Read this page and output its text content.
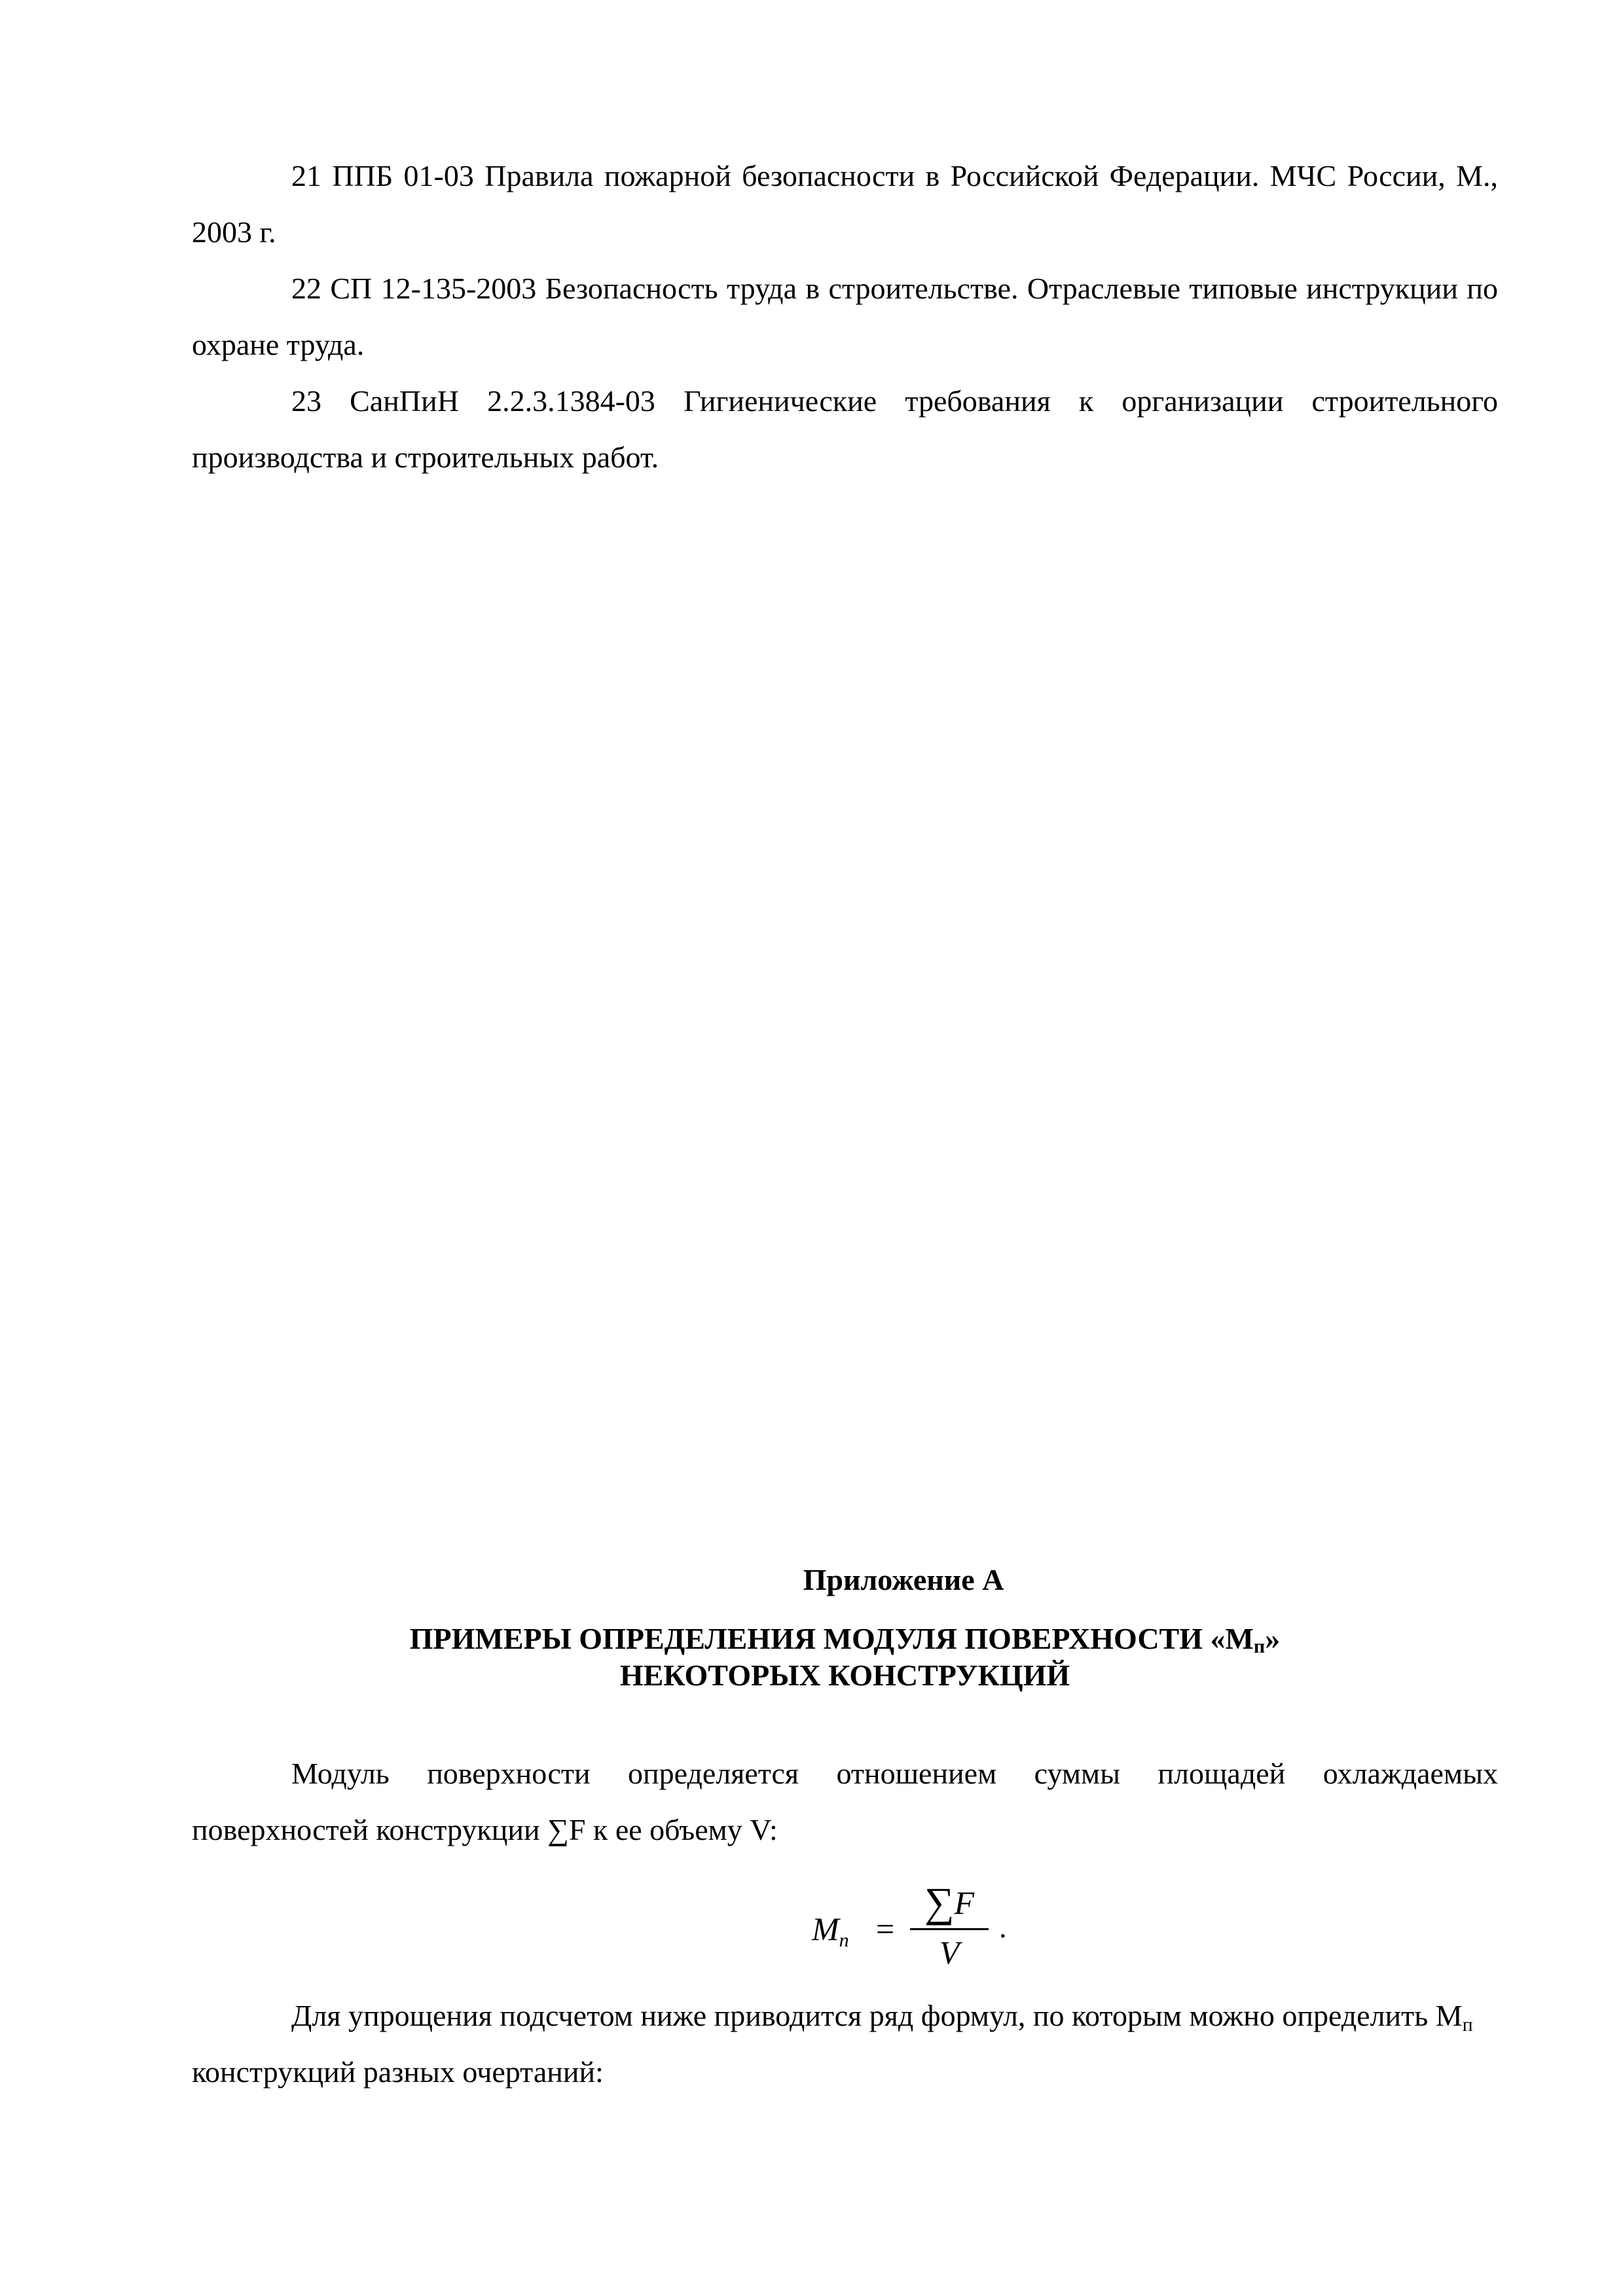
21 ППБ 01-03 Правила пожарной безопасности в Российской Федерации. МЧС России, М., 2003 г.

22 СП 12-135-2003 Безопасность труда в строительстве. Отраслевые типовые инструкции по охране труда.

23 СанПиН 2.2.3.1384-03 Гигиенические требования к организации строительного производства и строительных работ.

Приложение А

ПРИМЕРЫ ОПРЕДЕЛЕНИЯ МОДУЛЯ ПОВЕРХНОСТИ «$М_п$»
НЕКОТОРЫХ КОНСТРУКЦИЙ

Модуль поверхности определяется отношением суммы площадей охлаждаемых поверхностей конструкции ∑F к ее объему V:

$M_n$ =
∑F
V
.

Для упрощения подсчетом ниже приводится ряд формул, по которым можно определить $М_п$ конструкций разных очертаний:
